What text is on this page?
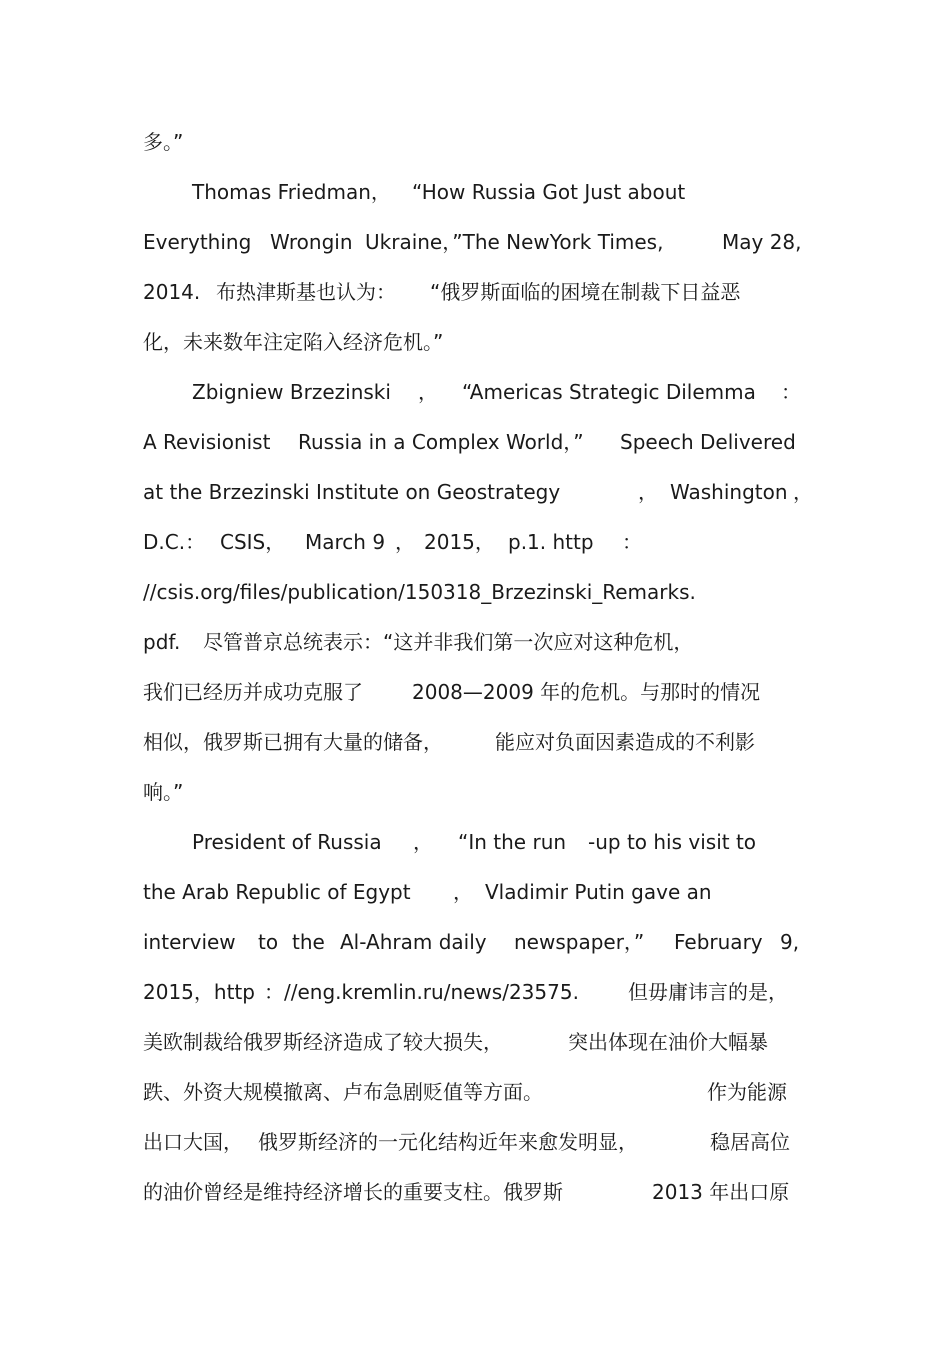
多。”
Thomas Friedman， “How Russia Got Just about
Everything Wrongin Ukraine，”The NewYork Times,	May 28,
2014. 布热津斯基也认为： “俄罗斯面临的困境在制裁下日益恶
化，未来数年注定陷入经济危机。”
Zbigniew Brzezinski ， “Americas Strategic Dilemma ：
A Revisionist Russia in a Complex World，” Speech Delivered
at the Brzezinski Institute on Geostrategy	， Washington ，
D.C.： CSIS， March 9 ， 2015， p.1. http ：
//csis.org/files/publication/150318_Brzezinski_Remarks.
pdf. 尽管普京总统表示：“这并非我们第一次应对这种危机，
我们已经历并成功克服了 2008—2009 年的危机。与那时的情况
相似，俄罗斯已拥有大量的储备，	能应对负面因素造成的不利影
响。”
President of Russia ， “In the run -up to his visit to
the Arab Republic of Egypt ， Vladimir Putin gave an
interview to the Al-Ahram daily newspaper，” February 9,
2015，http ：//eng.kremlin.ru/news/23575. 但毋庸讳言的是，
美欧制裁给俄罗斯经济造成了较大损失，	突出体现在油价大幅暴
跌、外资大规模撤离、卢布急剧贬值等方面。	作为能源
出口大国， 俄罗斯经济的一元化结构近年来愈发明显，	稳居高位
的油价曾经是维持经济增长的重要支柱。俄罗斯	2013 年出口原
